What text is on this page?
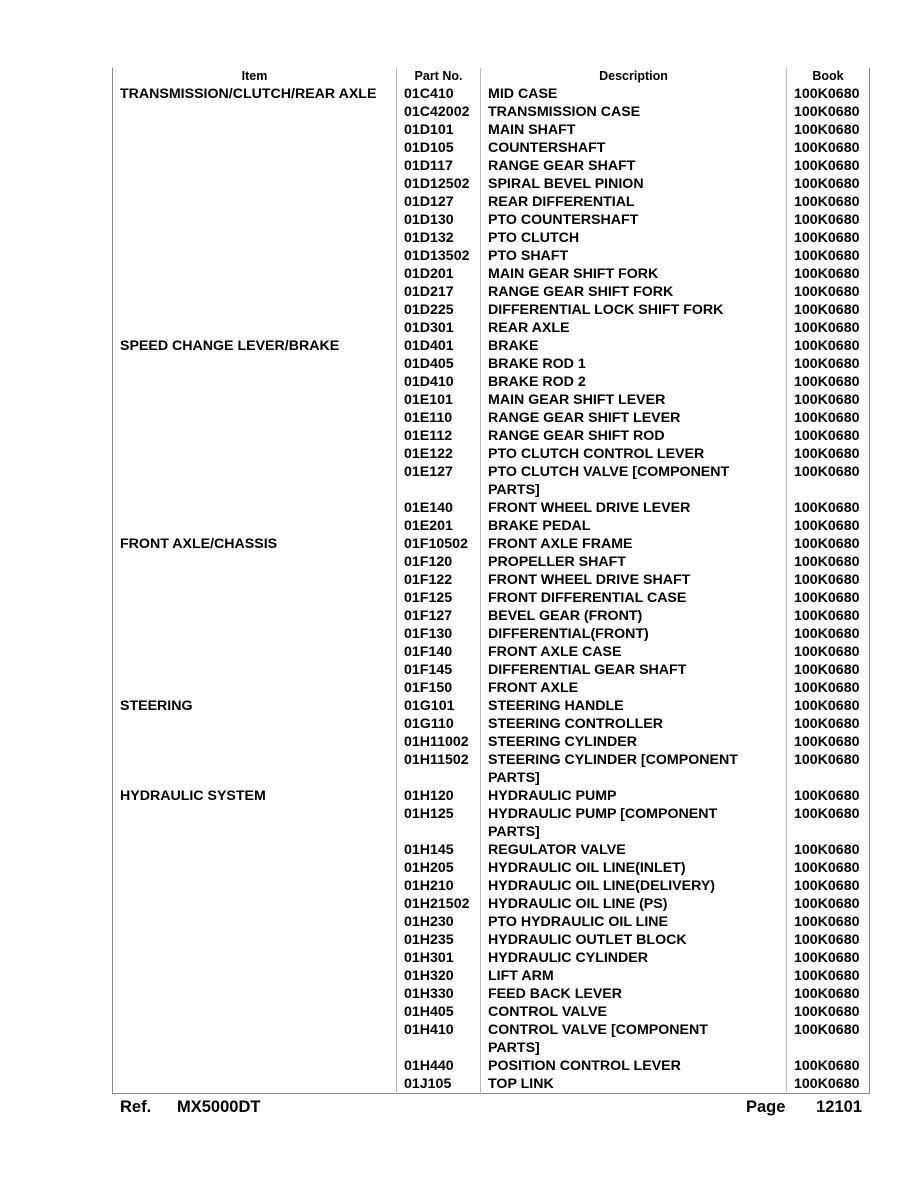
Item	Part No.	Description	Book
TRANSMISSION/CLUTCH/REAR AXLE	01C410	MID CASE	100K0680
	01C42002	TRANSMISSION CASE	100K0680
	01D101	MAIN SHAFT	100K0680
	01D105	COUNTERSHAFT	100K0680
	01D117	RANGE GEAR SHAFT	100K0680
	01D12502	SPIRAL BEVEL PINION	100K0680
	01D127	REAR DIFFERENTIAL	100K0680
	01D130	PTO COUNTERSHAFT	100K0680
	01D132	PTO CLUTCH	100K0680
	01D13502	PTO SHAFT	100K0680
	01D201	MAIN GEAR SHIFT FORK	100K0680
	01D217	RANGE GEAR SHIFT FORK	100K0680
	01D225	DIFFERENTIAL LOCK SHIFT FORK	100K0680
	01D301	REAR AXLE	100K0680
SPEED CHANGE LEVER/BRAKE	01D401	BRAKE	100K0680
	01D405	BRAKE ROD 1	100K0680
	01D410	BRAKE ROD 2	100K0680
	01E101	MAIN GEAR SHIFT LEVER	100K0680
	01E110	RANGE GEAR SHIFT LEVER	100K0680
	01E112	RANGE GEAR SHIFT ROD	100K0680
	01E122	PTO CLUTCH CONTROL LEVER	100K0680
	01E127	PTO CLUTCH VALVE [COMPONENT PARTS]	100K0680
	01E140	FRONT WHEEL DRIVE LEVER	100K0680
	01E201	BRAKE PEDAL	100K0680
FRONT AXLE/CHASSIS	01F10502	FRONT AXLE FRAME	100K0680
	01F120	PROPELLER SHAFT	100K0680
	01F122	FRONT WHEEL DRIVE SHAFT	100K0680
	01F125	FRONT DIFFERENTIAL CASE	100K0680
	01F127	BEVEL GEAR (FRONT)	100K0680
	01F130	DIFFERENTIAL(FRONT)	100K0680
	01F140	FRONT AXLE CASE	100K0680
	01F145	DIFFERENTIAL GEAR SHAFT	100K0680
	01F150	FRONT AXLE	100K0680
STEERING	01G101	STEERING HANDLE	100K0680
	01G110	STEERING CONTROLLER	100K0680
	01H11002	STEERING CYLINDER	100K0680
	01H11502	STEERING CYLINDER [COMPONENT PARTS]	100K0680
HYDRAULIC SYSTEM	01H120	HYDRAULIC PUMP	100K0680
	01H125	HYDRAULIC PUMP [COMPONENT PARTS]	100K0680
	01H145	REGULATOR VALVE	100K0680
	01H205	HYDRAULIC OIL LINE(INLET)	100K0680
	01H210	HYDRAULIC OIL LINE(DELIVERY)	100K0680
	01H21502	HYDRAULIC OIL LINE (PS)	100K0680
	01H230	PTO HYDRAULIC OIL LINE	100K0680
	01H235	HYDRAULIC OUTLET BLOCK	100K0680
	01H301	HYDRAULIC CYLINDER	100K0680
	01H320	LIFT ARM	100K0680
	01H330	FEED BACK LEVER	100K0680
	01H405	CONTROL VALVE	100K0680
	01H410	CONTROL VALVE [COMPONENT PARTS]	100K0680
	01H440	POSITION CONTROL LEVER	100K0680
	01J105	TOP LINK	100K0680
Ref. MX5000DT	Page 12101
